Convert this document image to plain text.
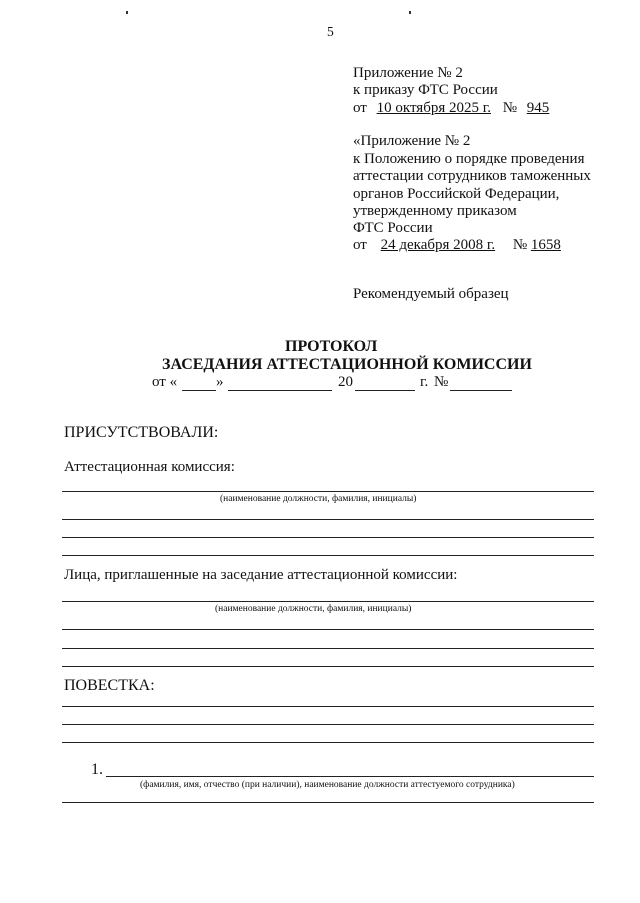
5
Приложение № 2
к приказу ФТС России
от 10 октября 2025 г. № 945
«Приложение № 2
к Положению о порядке проведения
аттестации сотрудников таможенных
органов Российской Федерации,
утвержденному приказом
ФТС России
от 24 декабря 2008 г. № 1658
Рекомендуемый образец
ПРОТОКОЛ
ЗАСЕДАНИЯ АТТЕСТАЦИОННОЙ КОМИССИИ
от «	»	20	г. №
ПРИСУТСТВОВАЛИ:
Аттестационная комиссия:
(наименование должности, фамилия, инициалы)
Лица, приглашенные на заседание аттестационной комиссии:
(наименование должности, фамилия, инициалы)
ПОВЕСТКА:
1.
(фамилия, имя, отчество (при наличии), наименование должности аттестуемого сотрудника)
